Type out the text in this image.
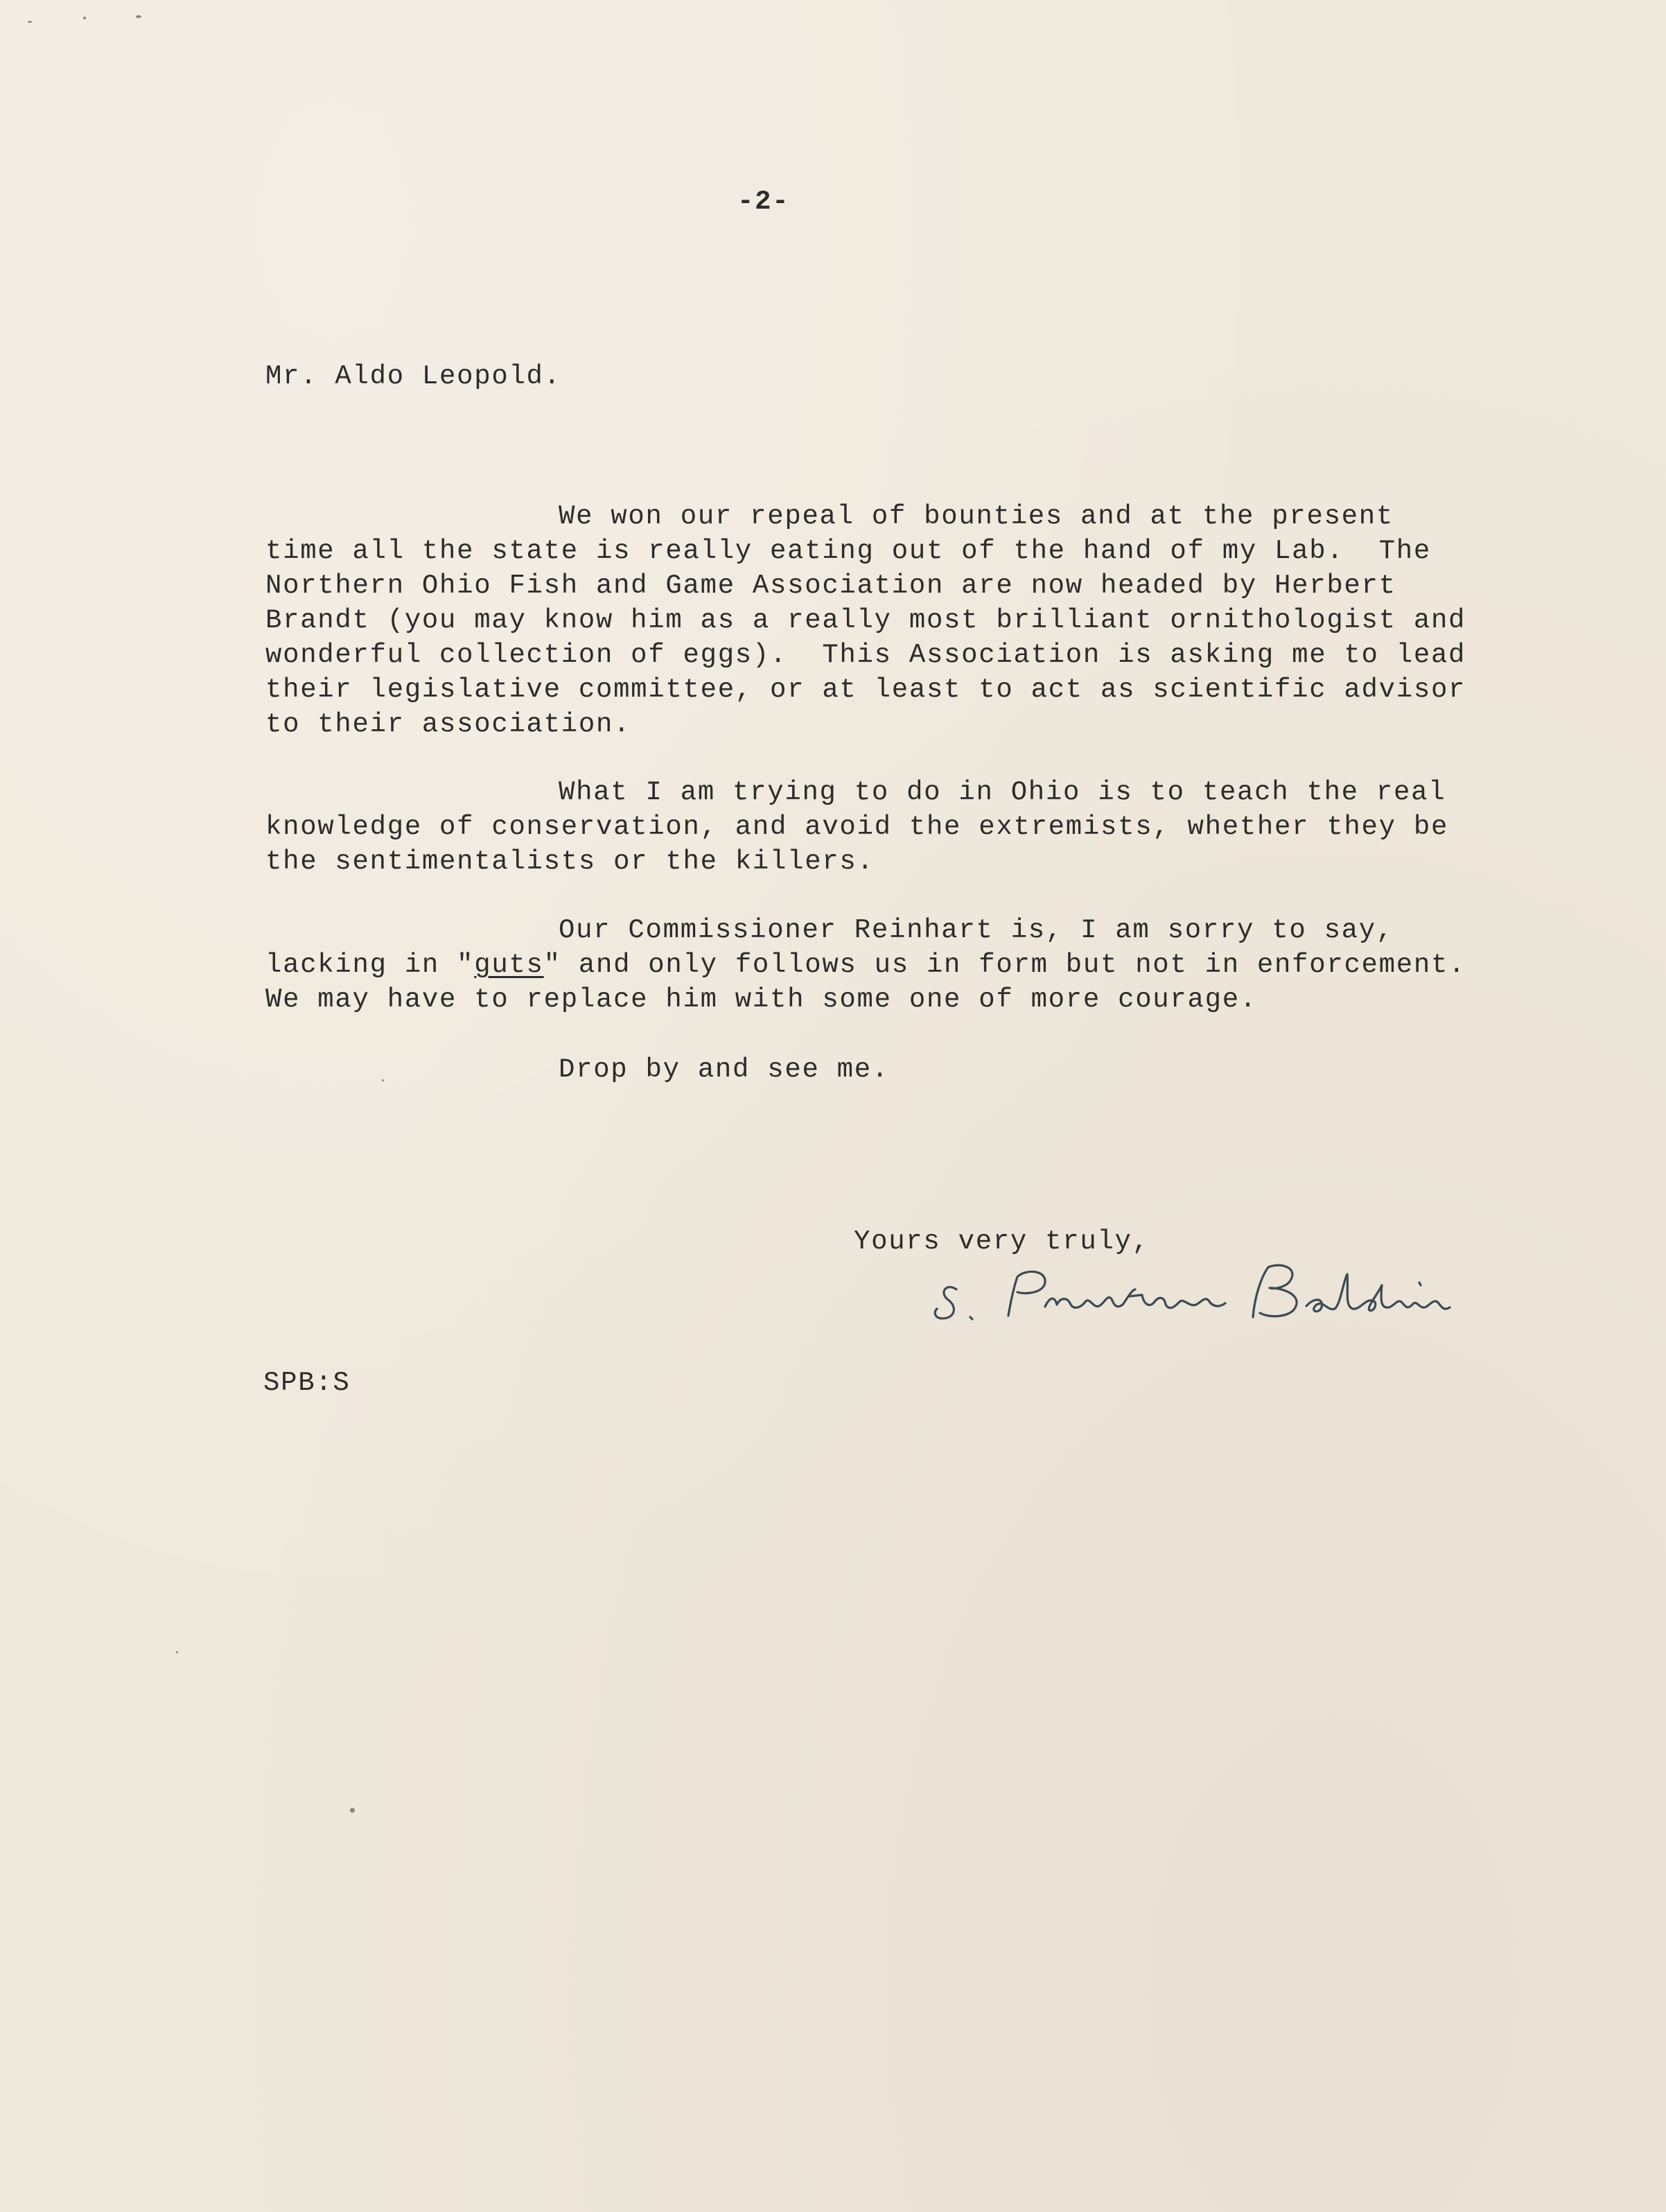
-2-
Mr. Aldo Leopold.
We won our repeal of bounties and at the present
time all the state is really eating out of the hand of my Lab.  The
Northern Ohio Fish and Game Association are now headed by Herbert
Brandt (you may know him as a really most brilliant ornithologist and
wonderful collection of eggs).  This Association is asking me to lead
their legislative committee, or at least to act as scientific advisor
to their association.
What I am trying to do in Ohio is to teach the real
knowledge of conservation, and avoid the extremists, whether they be
the sentimentalists or the killers.
Our Commissioner Reinhart is, I am sorry to say,
lacking in "guts" and only follows us in form but not in enforcement.
We may have to replace him with some one of more courage.
Drop by and see me.
Yours very truly,
SPB:S
